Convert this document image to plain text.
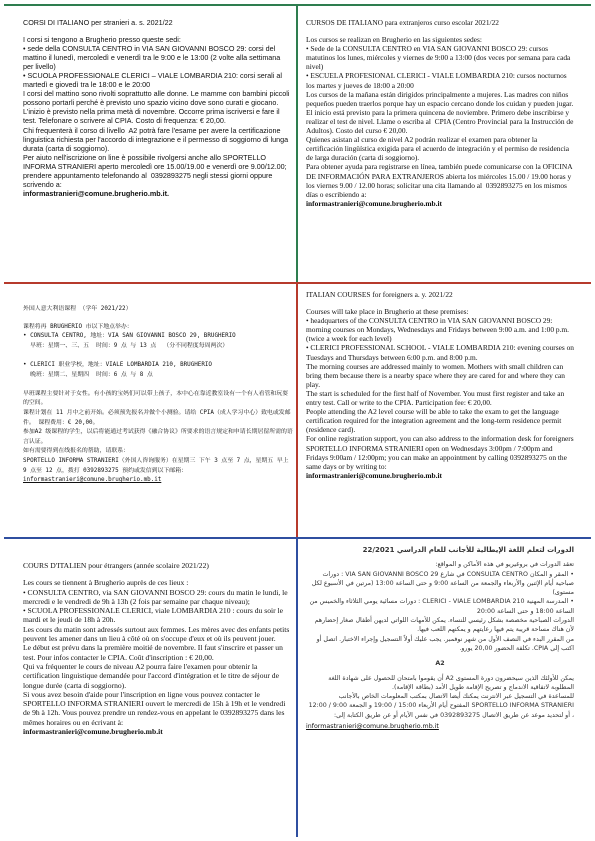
CORSI DI ITALIANO per stranieri a. s. 2021/22

I corsi si tengono a Brugherio presso queste sedi:
• sede della CONSULTA CENTRO in VIA SAN GIOVANNI BOSCO 29: corsi del mattino il lunedì, mercoledì e venerdì tra le 9:00 e le 13:00 (2 volte alla settimana per livello)
• SCUOLA PROFESSIONALE CLERICI – VIALE LOMBARDIA 210: corsi serali al martedì e giovedì tra le 18:00 e le 20:00
I corsi del mattino sono rivolti soprattutto alle donne. Le mamme con bambini piccoli possono portarli perché è previsto uno spazio vicino dove sono curati e giocano.
L'inizio è previsto nella prima metà di novembre. Occorre prima iscriversi e fare il test. Telefonare o scrivere al CPIA. Costo di frequenza: € 20,00.
Chi frequenterà il corso di livello  A2 potrà fare l'esame per avere la certificazione linguistica richiesta per l'accordo di integrazione e il permesso di soggiorno di lunga durata (carta di soggiorno).
Per aiuto nell'iscrizione on line è possibile rivolgersi anche allo SPORTELLO INFORMA STRANIERI aperto mercoledì ore 15.00/19.00 e venerdì ore 9.00/12.00; prendere appuntamento telefonando al  0392893275 negli stessi giorni oppure scrivendo a:

informastranieri@comune.brugherio.mb.it.
CURSOS DE ITALIANO para extranjeros curso escolar 2021/22

Los cursos se realizan en Brugherio en las siguientes sedes:
• Sede de la CONSULTA CENTRO en VIA SAN GIOVANNI BOSCO 29: cursos matutinos los lunes, miércoles y viernes de 9:00 a 13:00 (dos veces por semana para cada nivel)
• ESCUELA PROFESIONAL CLERICI - VIALE LOMBARDIA 210: cursos nocturnos los martes y jueves de 18:00 a 20:00
Los cursos de la mañana están dirigidos principalmente a mujeres. Las madres con niños pequeños pueden traerlos porque hay un espacio cercano donde los cuidan y pueden jugar.
El inicio está previsto para la primera quincena de noviembre. Primero debe inscribirse y realizar el test de nivel. Llame o escriba al  CPIA (Centro Provincial para la Instrucción de Adultos). Costo del curso € 20,00.
Quienes asistan al curso de nivel A2 podrán realizar el examen para obtener la certificación lingüística exigida para el acuerdo de integración y el permiso de residencia de larga duración (carta di soggiorno).
Para obtener ayuda para registrarse en línea, también puede comunicarse con la OFICINA DE INFORMACIÓN PARA EXTRANJEROS abierta los miércoles 15.00 / 19.00 horas y los viernes 9.00 / 12.00 horas; solicitar una cita llamando al  0392893275 en los mismos días o escribiendo a:

informastranieri@comune.brugherio.mb.it
外国人意大利语课程 （学年 2021/22）

课程将再 BRUGHERIO 市以下地点举办：
• CONSULTA CENTRO, 地址：VIA SAN GIOVANNI BOSCO 29, BRUGHERIO
早班：星期一、三、五  时间：9 点 与 13 点  （分不同程度每周两次）

• CLERICI 职业学校，地址：VIALE LOMBARDIA 210, BRUGHERIO
晚班：星期二、星期四  时间：6 点 与 8 点

早班课程主要针对于女性。有小孩的宝妈们可以带上孩子，本中心在靠近教室设有一个有人看管和玩耍的空间。
课程计划在 11 月中之前开始。必须预先报名并做个小测验。请给 CPIA（成人学习中心）致电或发邮件。 课程费用：€ 20,00。
参加A2 级课程的学生，以后将能通过考试获得《融合协议》所要求的语言规定和申请长期居留所需的语言认证。
如有需要得到在线报名的帮助，请联系：
SPORTELLO INFORMA STRANIERI（外国人咨询服务）在星期三 下午 3 点至 7 点，星期五 早上 9 点至 12 点，拨打 0392893275 预约或发信到以下邮箱：

informastranieri@comune.brugherio.mb.it
ITALIAN COURSES for foreigners a. y. 2021/22

Courses will take place in Brugherio at these premises:
• headquarters of the CONSULTA CENTRO in VIA SAN GIOVANNI BOSCO 29: morning courses on Mondays, Wednesdays and Fridays between 9:00 a.m. and 1:00 p.m. (twice a week for each level)
• CLERICI PROFESSIONAL SCHOOL - VIALE LOMBARDIA 210: evening courses on Tuesdays and Thursdays between 6:00 p.m. and 8:00 p.m.
The morning courses are addressed mainly to women. Mothers with small children can bring them because there is a nearby space where they are cared for and where they can play.
The start is scheduled for the first half of November. You must first register and take an entry test. Call or write to the CPIA. Participation fee: € 20,00.
People attending the A2 level course will be able to take the exam to get the language certification required for the integration agreement and the long-term residence permit (residence card).
For online registration support, you can also address to the information desk for foreigners SPORTELLO INFORMA STRANIERI open on Wednesdays 3:00pm / 7:00pm and Fridays 9:00am / 12:00pm; you can make an appointment by calling 0392893275 on the same days or by writing to:

informastranieri@comune.brugherio.mb.it
COURS D'ITALIEN pour étrangers (année scolaire 2021/22)

Les cours se tiennent à Brugherio auprès de ces lieux :
• CONSULTA CENTRO, via SAN GIOVANNI BOSCO 29: cours du matin le lundi, le mercredi e le vendredi de 9h à 13h (2 fois par semaine par chaque niveau);
• SCUOLA PROFESSIONALE CLERICI, viale LOMBARDIA 210 : cours du soir le mardi et le jeudi de 18h à 20h.
Les cours du matin sont adressés surtout aux femmes. Les mères avec des enfants petits peuvent les amener dans un lieu à côté où on s'occupe d'eux et où ils peuvent jouer.
Le début est prévu dans la première moitié de novembre. Il faut s'inscrire et passer un test. Pour infos contacter le CPIA. Coût d'inscription : € 20,00.
Qui va fréquenter le cours de niveau A2 pourra faire l'examen pour obtenir la certification linguistique demandée pour l'accord d'intégration et le titre de séjour de longue durée (carta di soggiorno).
Si vous avez besoin d'aide pour l'inscription en ligne vous pouvez contacter le SPORTELLO INFORMA STRANIERI ouvert le mercredi de 15h à 19h et le vendredi de 9h à 12h. Vous pouvez prendre un rendez-vous en appelant le 0392893275 dans les mêmes horaires ou en écrivant à:

informastranieri@comune.brugherio.mb.it
الدورات لتعلم اللغة الإيطالية للأجانب للعام الدراسي 22/2021

تعقد الدورات في بروغيريو في هذه الأماكن و المواقع:

• المقر و المكان CONSULTA CENTRO في شارع VIA SAN GIOVANNI BOSCO 29 : دورات صباحية أيام الإثنين والأربعاء والجمعة من الساعة 9:00 و حتى الساعة 13:00 (مرتين في الأسبوع لكل مستوى)

• المدرسة المهنية CLERICI - VIALE LOMBARDIA 210 : دورات مسائية يومي الثلاثاء والخميس من الساعة 18:00 و حتى الساعة 20:00

الدورات الصباحية مخصصة بشكل رئيسي للنساء. يمكن للأمهات اللواتي لديهن أطفال صغار إحضارهم لأن هناك مساحة قريبة يتم فيها رعايتهم و يمكنهم اللعب فيها.

من المقرر البدء في النصف الأول من شهر نوفمبر. يجب عليك أولاً التسجيل وإجراء الاختبار. اتصل أو اكتب إلى CPIA. تكلفة الحضور 20,00 يورو.

A2

يمكن للأولئك الذين سيحضرون دورة المستوى A2 أن يقوموا بامتحان للحصول على شهادة اللغة المطلوبة لاتفاقية الاندماج و تصريح الإقامة طويل الأمد (بطاقة الإقامة).

للمساعدة في التسجيل عبر الانترنت يمكنك أيضا الاتصال بمكتب المعلومات الخاص بالأجانب SPORTELLO INFORMA STRANIERI المفتوح أيام الأربعاء 15:00 / 19:00 و الجمعة 9:00 / 12:00 ، أو لتحديد موعد عن طريق الاتصال 0392893275 في نفس الأيام أو عن طريق الكتابة إلى:

informastranieri@comune.brugherio.mb.it
